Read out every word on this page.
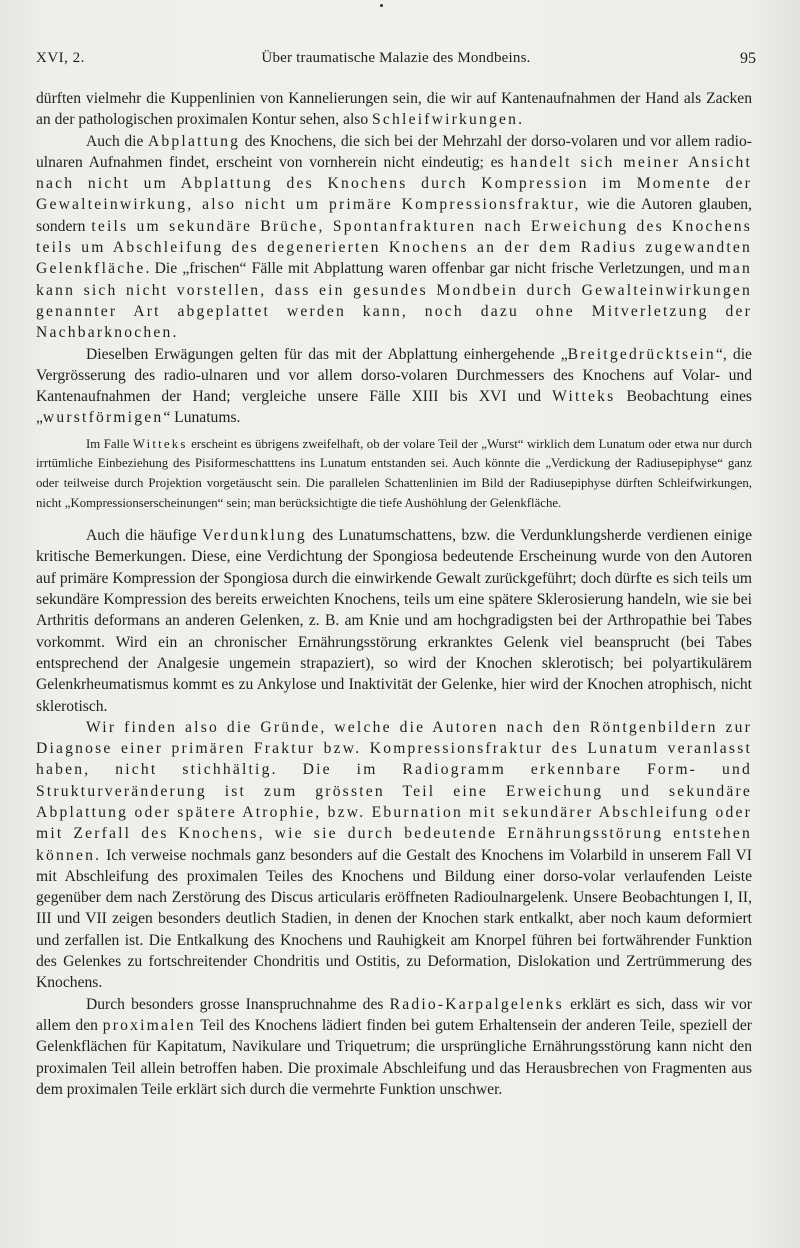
XVI, 2.	Über traumatische Malazie des Mondbeins.	95

dürften vielmehr die Kuppenlinien von Kannelierungen sein, die wir auf Kantenaufnahmen der Hand als Zacken an der pathologischen proximalen Kontur sehen, also Schleifwirkungen.

Auch die Abplattung des Knochens, die sich bei der Mehrzahl der dorso-volaren und vor allem radio-ulnaren Aufnahmen findet, erscheint von vornherein nicht eindeutig; es handelt sich meiner Ansicht nach nicht um Abplattung des Knochens durch Kompression im Momente der Gewalteinwirkung, also nicht um primäre Kompressionsfraktur, wie die Autoren glauben, sondern teils um sekundäre Brüche, Spontanfrakturen nach Erweichung des Knochens teils um Abschleifung des degenerierten Knochens an der dem Radius zugewandten Gelenkfläche. Die „frischen“ Fälle mit Abplattung waren offenbar gar nicht frische Verletzungen, und man kann sich nicht vorstellen, dass ein gesundes Mondbein durch Gewalteinwirkungen genannter Art abgeplattet werden kann, noch dazu ohne Mitverletzung der Nachbarknochen.

Dieselben Erwägungen gelten für das mit der Abplattung einhergehende „Breitgedrücktsein“, die Vergrösserung des radio-ulnaren und vor allem dorso-volaren Durchmessers des Knochens auf Volar- und Kantenaufnahmen der Hand; vergleiche unsere Fälle XIII bis XVI und Witteks Beobachtung eines „wurstförmigen“ Lunatums.

Im Falle Witteks erscheint es übrigens zweifelhaft, ob der volare Teil der „Wurst“ wirklich dem Lunatum oder etwa nur durch irrtümliche Einbeziehung des Pisiformeschatttens ins Lunatum entstanden sei. Auch könnte die „Verdickung der Radiusepiphyse“ ganz oder teilweise durch Projektion vorgetäuscht sein. Die parallelen Schattenlinien im Bild der Radiusepiphyse dürften Schleifwirkungen, nicht „Kompressionserscheinungen“ sein; man berücksichtigte die tiefe Aushöhlung der Gelenkfläche.

Auch die häufige Verdunklung des Lunatumschattens, bzw. die Verdunklungsherde verdienen einige kritische Bemerkungen. Diese, eine Verdichtung der Spongiosa bedeutende Erscheinung wurde von den Autoren auf primäre Kompression der Spongiosa durch die einwirkende Gewalt zurückgeführt; doch dürfte es sich teils um sekundäre Kompression des bereits erweichten Knochens, teils um eine spätere Sklerosierung handeln, wie sie bei Arthritis deformans an anderen Gelenken, z. B. am Knie und am hochgradigsten bei der Arthropathie bei Tabes vorkommt. Wird ein an chronischer Ernährungsstörung erkranktes Gelenk viel beansprucht (bei Tabes entsprechend der Analgesie ungemein strapaziert), so wird der Knochen sklerotisch; bei polyartikulärem Gelenkrheumatismus kommt es zu Ankylose und Inaktivität der Gelenke, hier wird der Knochen atrophisch, nicht sklerotisch.

Wir finden also die Gründe, welche die Autoren nach den Röntgenbildern zur Diagnose einer primären Fraktur bzw. Kompressionsfraktur des Lunatum veranlasst haben, nicht stichhältig. Die im Radiogramm erkennbare Form- und Strukturveränderung ist zum grössten Teil eine Erweichung und sekundäre Abplattung oder spätere Atrophie, bzw. Eburnation mit sekundärer Abschleifung oder mit Zerfall des Knochens, wie sie durch bedeutende Ernährungsstörung entstehen können. Ich verweise nochmals ganz besonders auf die Gestalt des Knochens im Volarbild in unserem Fall VI mit Abschleifung des proximalen Teiles des Knochens und Bildung einer dorso-volar verlaufenden Leiste gegenüber dem nach Zerstörung des Discus articularis eröffneten Radioulnargelenk. Unsere Beobachtungen I, II, III und VII zeigen besonders deutlich Stadien, in denen der Knochen stark entkalkt, aber noch kaum deformiert und zerfallen ist. Die Entkalkung des Knochens und Rauhigkeit am Knorpel führen bei fortwährender Funktion des Gelenkes zu fortschreitender Chondritis und Ostitis, zu Deformation, Dislokation und Zertrümmerung des Knochens.

Durch besonders grosse Inanspruchnahme des Radio-Karpalgelenks erklärt es sich, dass wir vor allem den proximalen Teil des Knochens lädiert finden bei gutem Erhaltensein der anderen Teile, speziell der Gelenkflächen für Kapitatum, Navikulare und Triquetrum; die ursprüngliche Ernährungsstörung kann nicht den proximalen Teil allein betroffen haben. Die proximale Abschleifung und das Herausbrechen von Fragmenten aus dem proximalen Teile erklärt sich durch die vermehrte Funktion unschwer.
